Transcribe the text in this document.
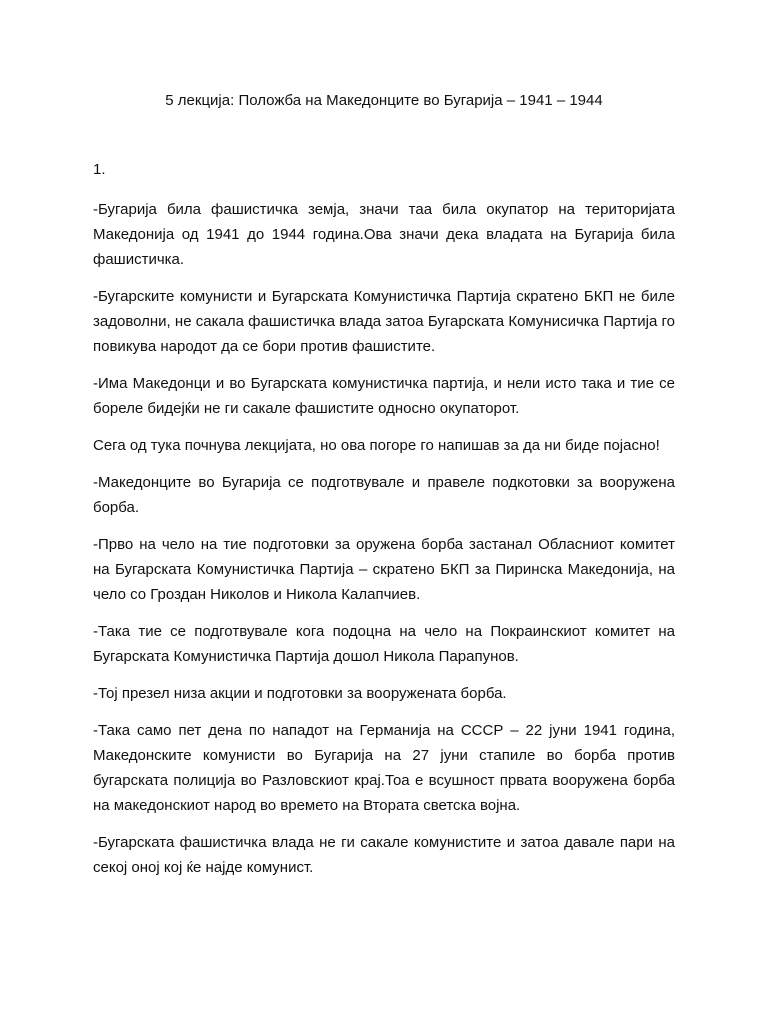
5 лекција: Положба на Македонците во Бугарија – 1941 – 1944
1.

-Бугарија била фашистичка земја, значи таа била окупатор на територијата Македонија од 1941 до 1944 година.Ова значи дека владата на Бугарија била фашистичка.

-Бугарските комунисти и Бугарската Комунистичка Партија скратено БКП не биле задоволни, не сакала фашистичка влада затоа Бугарската Комунисичка Партија го повикува народот да се бори против фашистите.

-Има Македонци и во Бугарската комунистичка партија, и нели исто така и тие се бореле бидејќи не ги сакале фашистите односно окупаторот.

Сега од тука почнува лекцијата, но ова погоре го напишав за да ни биде појасно!

-Македонците во Бугарија се подготвувале и правеле подкотовки за вооружена борба.

-Прво на чело на тие подготовки за оружена борба застанал Обласниот комитет на Бугарската Комунистичка Партија – скратено БКП за Пиринска Македонија, на чело со Гроздан Николов и Никола Калапчиев.

-Така тие се подготвувале кога подоцна на чело на Покраинскиот комитет на Бугарската Комунистичка Партија дошол Никола Парапунов.

-Тој презел низа акции и подготовки за вооружената борба.

-Така само пет дена по нападот на Германија на СССР – 22 јуни 1941 година, Македонските комунисти во Бугарија на 27 јуни стапиле во борба против бугарската полиција во Разловскиот крај.Тоа е всушност првата вооружена борба на македонскиот народ во времето на Втората светска војна.

-Бугарската фашистичка влада не ги сакале комунистите и затоа давале пари на секој оној кој ќе најде комунист.
